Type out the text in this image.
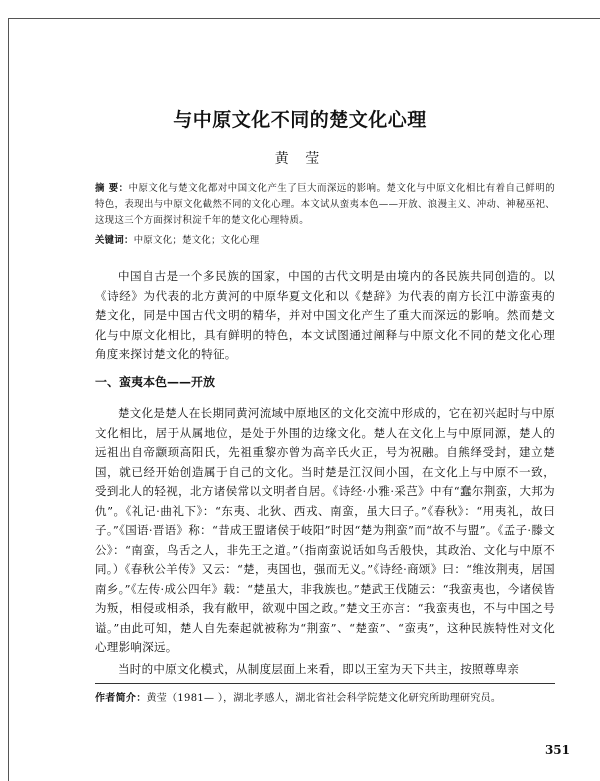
与中原文化不同的楚文化心理
黄 莹
摘 要：中原文化与楚文化都对中国文化产生了巨大而深远的影响。楚文化与中原文化相比有着自己鲜明的特色，表现出与中原文化截然不同的文化心理。本文试从蛮夷本色——开放、浪漫主义、冲动、神秘巫祀、这现这三个方面探讨积淀千年的楚文化心理特质。
关键词：中原文化；楚文化；文化心理
中国自古是一个多民族的国家，中国的古代文明是由境内的各民族共同创造的。以《诗经》为代表的北方黄河的中原华夏文化和以《楚辞》为代表的南方长江中游蛮夷的楚文化，同是中国古代文明的精华，并对中国文化产生了重大而深远的影响。然而楚文化与中原文化相比，具有鲜明的特色，本文试图通过阐释与中原文化不同的楚文化心理角度来探讨楚文化的特征。
一、蛮夷本色——开放
楚文化是楚人在长期同黄河流域中原地区的文化交流中形成的，它在初兴起时与中原文化相比，居于从属地位，是处于外围的边缘文化。楚人在文化上与中原同源，楚人的远祖出自帝颛顼高阳氏，先祖重黎亦曾为高辛氏火正，号为祝融。自熊绎受封，建立楚国，就已经开始创造属于自己的文化。当时楚是江汉间小国，在文化上与中原不一致，受到北人的轻视，北方诸侯常以文明者自居。《诗经·小雅·采芑》中有“蠢尔荆蛮，大邦为仇”。《礼记·曲礼下》：“东夷、北狄、西戎、南蛮，虽大曰子。”《春秋》：“用夷礼，故曰子。”《国语·晋语》称：“昔成王盟诸侯于岐阳”时因“楚为荆蛮”而“故不与盟”。《孟子·滕文公》：“南蛮，鸟舌之人，非先王之道。”（指南蛮说话如鸟舌般快，其政治、文化与中原不同。）《春秋公羊传》又云：“楚，夷国也，强而无义。”《诗经·商颂》曰：“维汝荆夷，居国南乡。”《左传·成公四年》载：“楚虽大，非我族也。”楚武王伐随云：“我蛮夷也，今诸侯皆为叛，相侵或相杀，我有敝甲，欲观中国之政。”楚文王亦言：“我蛮夷也，不与中国之号谥。”由此可知，楚人自先秦起就被称为“荆蛮”、“楚蛮”、“蛮夷”，这种民族特性对文化心理影响深远。
当时的中原文化模式，从制度层面上来看，即以王室为天下共主，按照尊卑亲
作者简介：黄莹（1981— ），湖北孝感人，湖北省社会科学院楚文化研究所助理研究员。
351
